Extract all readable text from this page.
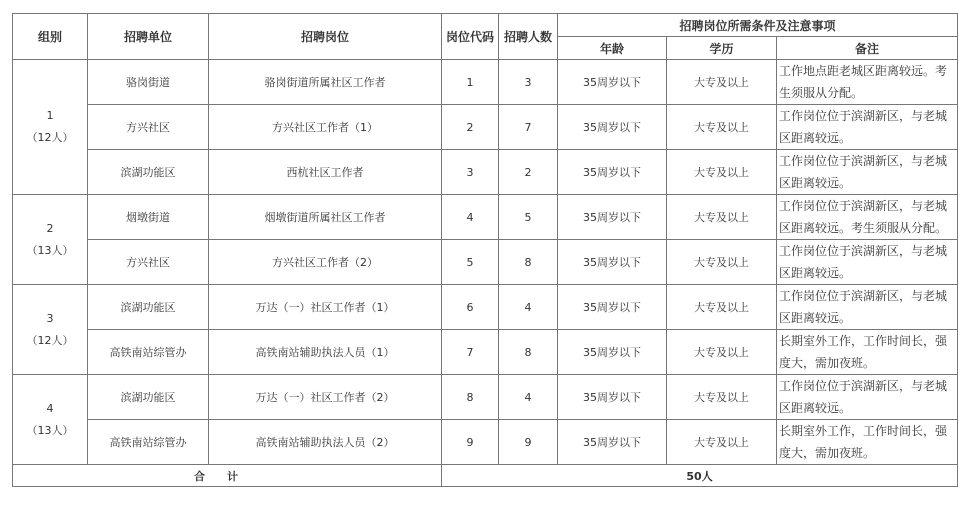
组别	招聘单位	招聘岗位	岗位代码	招聘人数	招聘岗位所需条件及注意事项		
					年龄	学历	备注

1
（12人）	骆岗街道	骆岗街道所属社区工作者	1	3	35周岁以下	大专及以上	工作地点距老城区距离较远。考生须服从分配。
	方兴社区	方兴社区工作者（1）	2	7	35周岁以下	大专及以上	工作岗位位于滨湖新区，与老城区距离较远。
	滨湖功能区	西杭社区工作者	3	2	35周岁以下	大专及以上	工作岗位位于滨湖新区，与老城区距离较远。

2
（13人）	烟墩街道	烟墩街道所属社区工作者	4	5	35周岁以下	大专及以上	工作岗位位于滨湖新区，与老城区距离较远。考生须服从分配。
	方兴社区	方兴社区工作者（2）	5	8	35周岁以下	大专及以上	工作岗位位于滨湖新区，与老城区距离较远。

3
（12人）	滨湖功能区	万达（一）社区工作者（1）	6	4	35周岁以下	大专及以上	工作岗位位于滨湖新区，与老城区距离较远。
	高铁南站综管办	高铁南站辅助执法人员（1）	7	8	35周岁以下	大专及以上	长期室外工作，工作时间长，强度大，需加夜班。

4
（13人）	滨湖功能区	万达（一）社区工作者（2）	8	4	35周岁以下	大专及以上	工作岗位位于滨湖新区，与老城区距离较远。
	高铁南站综管办	高铁南站辅助执法人员（2）	9	9	35周岁以下	大专及以上	长期室外工作，工作时间长，强度大，需加夜班。
合计			50人				
